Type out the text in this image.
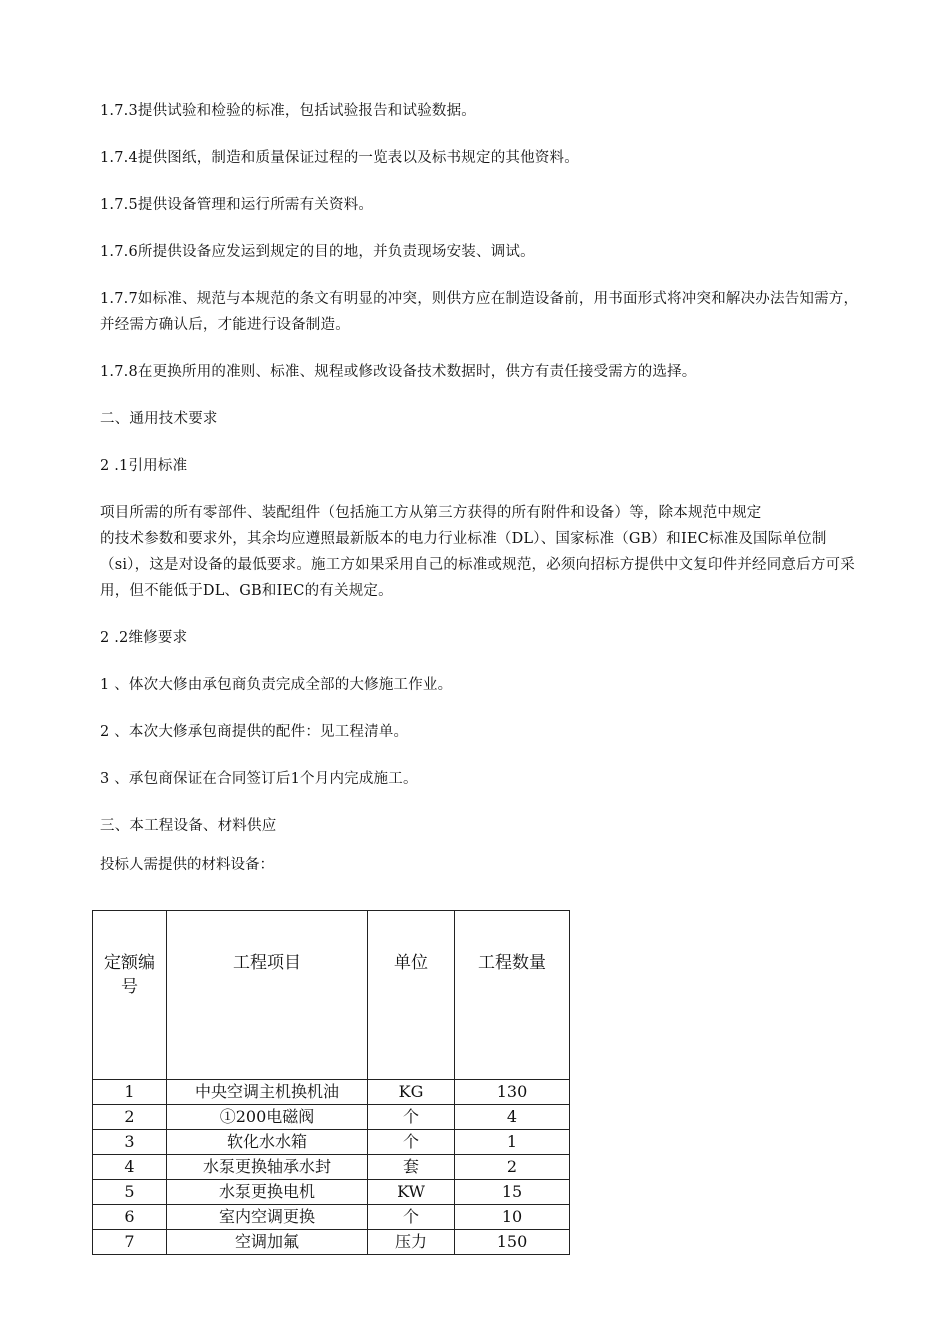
1.7.3提供试验和检验的标准，包括试验报告和试验数据。

1.7.4提供图纸，制造和质量保证过程的一览表以及标书规定的其他资料。

1.7.5提供设备管理和运行所需有关资料。

1.7.6所提供设备应发运到规定的目的地，并负责现场安装、调试。

1.7.7如标准、规范与本规范的条文有明显的冲突，则供方应在制造设备前，用书面形式将冲突和解决办法告知需方，并经需方确认后，才能进行设备制造。

1.7.8在更换所用的准则、标准、规程或修改设备技术数据时，供方有责任接受需方的选择。

二、通用技术要求

2 .1引用标准

项目所需的所有零部件、装配组件（包括施工方从第三方获得的所有附件和设备）等，除本规范中规定

的技术参数和要求外，其余均应遵照最新版本的电力行业标准（DL）、国家标准（GB）和IEC标准及国际单位制（si），这是对设备的最低要求。施工方如果采用自己的标准或规范，必须向招标方提供中文复印件并经同意后方可采用，但不能低于DL、GB和IEC的有关规定。

2 .2维修要求

1 、体次大修由承包商负责完成全部的大修施工作业。

2 、本次大修承包商提供的配件：见工程清单。

3 、承包商保证在合同签订后1个月内完成施工。

三、本工程设备、材料供应

投标人需提供的材料设备：

定额编号	工程项目	单位	工程数量
1	中央空调主机换机油	KG	130
2	①200电磁阀	个	4
3	软化水水箱	个	1
4	水泵更换轴承水封	套	2
5	水泵更换电机	KW	15
6	室内空调更换	个	10
7	空调加氟	压力	150
